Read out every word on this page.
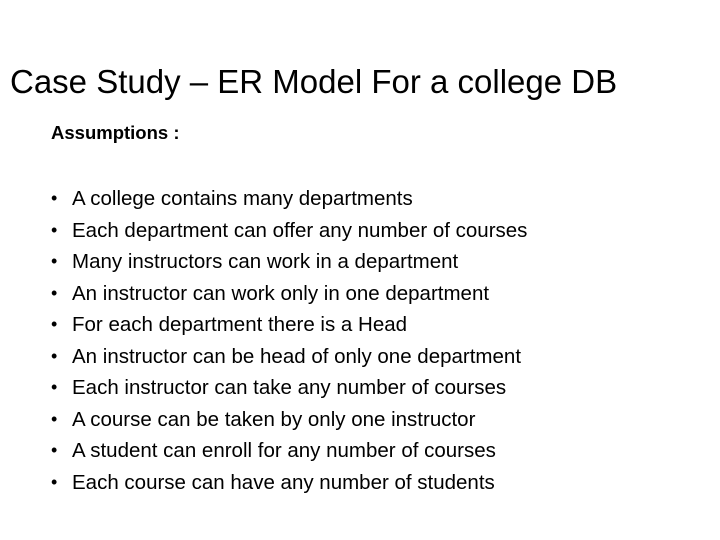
Case Study – ER Model For a college DB
Assumptions :
• A college contains many departments
• Each department can offer any number of courses
• Many instructors can work in a department
• An instructor can work only in one department
• For each department there is a Head
• An instructor can be head of only one department
• Each instructor can take any number of courses
• A course can be taken by only one instructor
• A student can enroll for any number of courses
• Each course can have any number of students
